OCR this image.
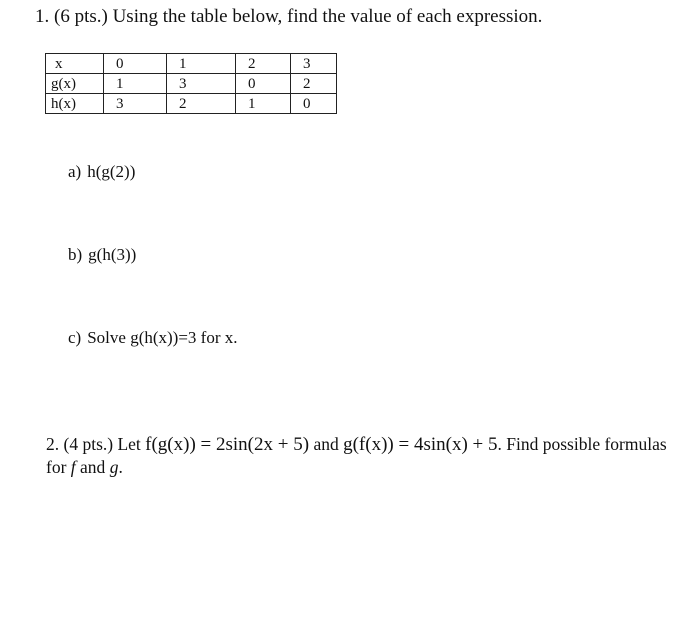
1. (6 pts.) Using the table below, find the value of each expression.
x	0	1	2	3
g(x)	1	3	0	2
h(x)	3	2	1	0
a) h(g(2))
b) g(h(3))
c) Solve g(h(x))=3 for x.
2. (4 pts.) Let f(g(x)) = 2sin(2x + 5) and g(f(x)) = 4sin(x) + 5. Find possible formulas for f and g.
